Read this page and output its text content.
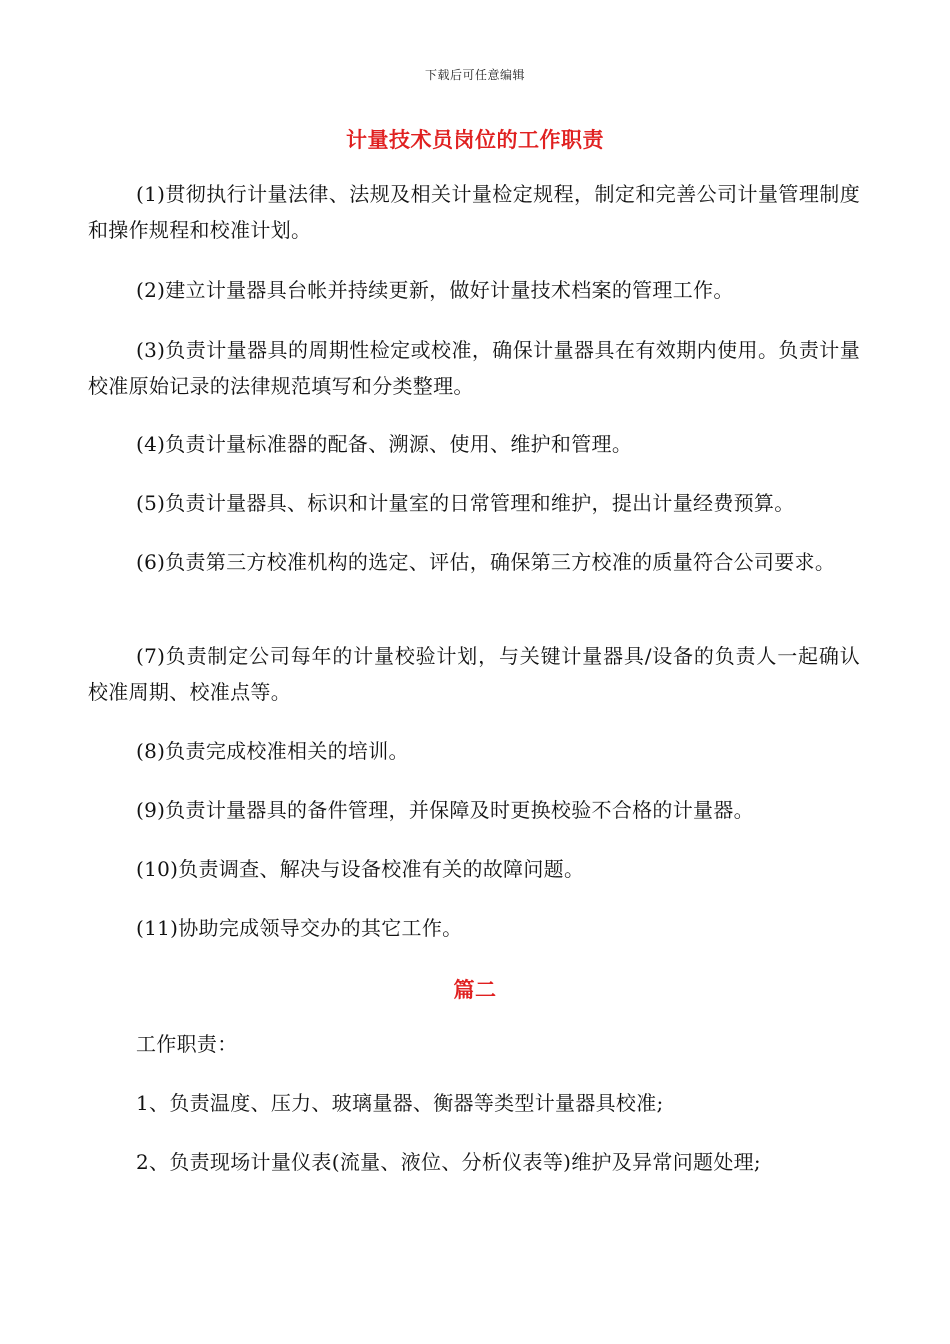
下载后可任意编辑
计量技术员岗位的工作职责

(1)贯彻执行计量法律、法规及相关计量检定规程，制定和完善公司计量管理制度和操作规程和校准计划。

(2)建立计量器具台帐并持续更新，做好计量技术档案的管理工作。

(3)负责计量器具的周期性检定或校准，确保计量器具在有效期内使用。负责计量校准原始记录的法律规范填写和分类整理。

(4)负责计量标准器的配备、溯源、使用、维护和管理。

(5)负责计量器具、标识和计量室的日常管理和维护，提出计量经费预算。

(6)负责第三方校准机构的选定、评估，确保第三方校准的质量符合公司要求。

(7)负责制定公司每年的计量校验计划，与关键计量器具/设备的负责人一起确认校准周期、校准点等。

(8)负责完成校准相关的培训。

(9)负责计量器具的备件管理，并保障及时更换校验不合格的计量器。

(10)负责调查、解决与设备校准有关的故障问题。

(11)协助完成领导交办的其它工作。

篇二

工作职责：

1、负责温度、压力、玻璃量器、衡器等类型计量器具校准;

2、负责现场计量仪表(流量、液位、分析仪表等)维护及异常问题处理;
